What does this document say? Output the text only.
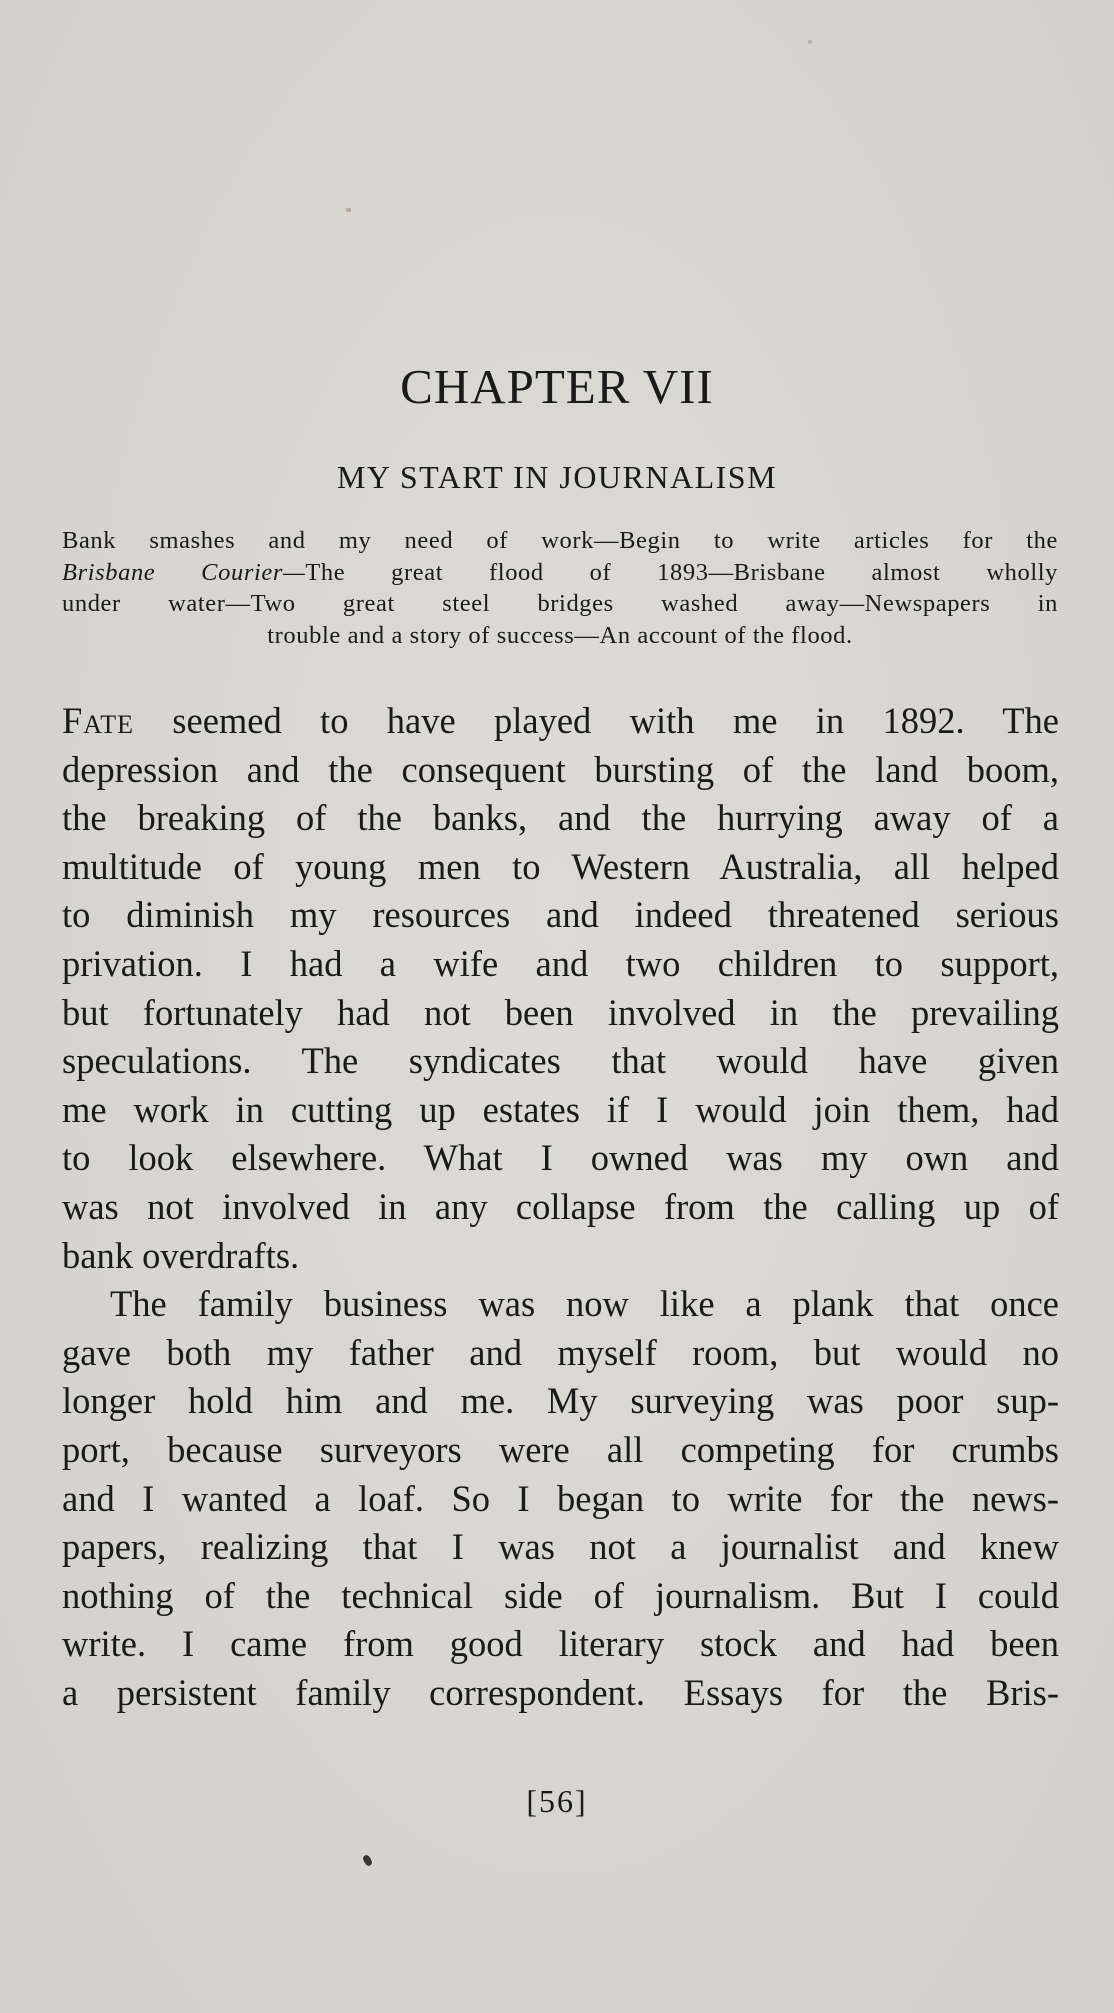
CHAPTER VII
MY START IN JOURNALISM
Bank smashes and my need of work—Begin to write articles for the
Brisbane Courier—The great flood of 1893—Brisbane almost wholly
under water—Two great steel bridges washed away—Newspapers in
trouble and a story of success—An account of the flood.
Fate seemed to have played with me in 1892. The
depression and the consequent bursting of the land boom,
the breaking of the banks, and the hurrying away of a
multitude of young men to Western Australia, all helped
to diminish my resources and indeed threatened serious
privation. I had a wife and two children to support,
but fortunately had not been involved in the prevailing
speculations. The syndicates that would have given
me work in cutting up estates if I would join them, had
to look elsewhere. What I owned was my own and
was not involved in any collapse from the calling up of
bank overdrafts.
The family business was now like a plank that once
gave both my father and myself room, but would no
longer hold him and me. My surveying was poor sup-
port, because surveyors were all competing for crumbs
and I wanted a loaf. So I began to write for the news-
papers, realizing that I was not a journalist and knew
nothing of the technical side of journalism. But I could
write. I came from good literary stock and had been
a persistent family correspondent. Essays for the Bris-
[56]
